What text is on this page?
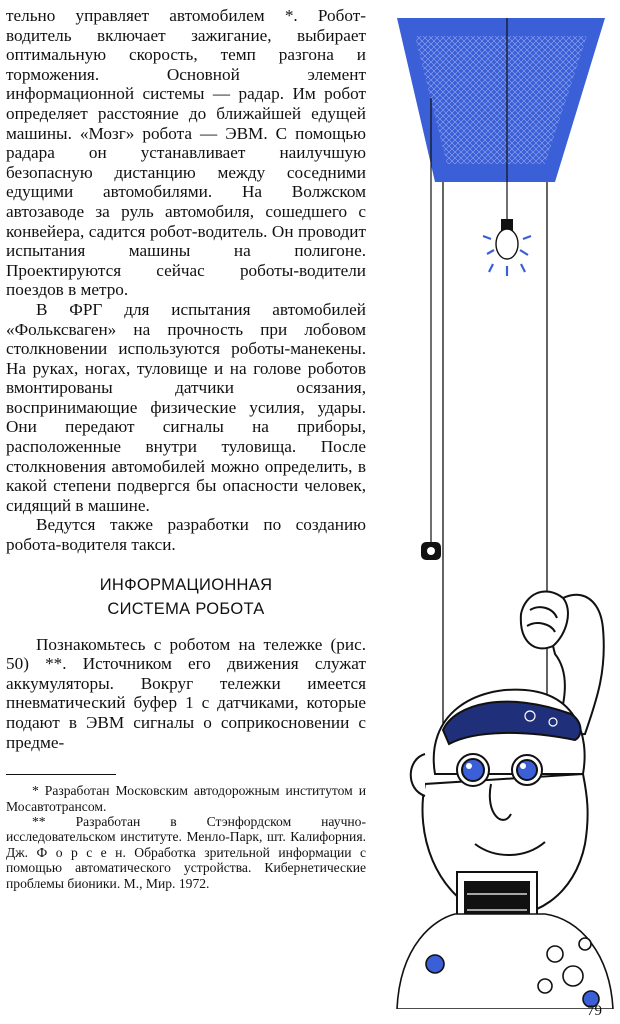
тельно управляет автомобилем *. Робот-водитель включает зажигание, выбирает оптимальную скорость, темп разгона и торможения. Основной элемент информационной системы — радар. Им робот определяет расстояние до ближайшей едущей машины. «Мозг» робота — ЭВМ. С помощью радара он устанавливает наилучшую безопасную дистанцию между соседними едущими автомобилями. На Волжском автозаводе за руль автомобиля, сошедшего с конвейера, садится робот-водитель. Он проводит испытания машины на полигоне. Проектируются сейчас роботы-водители поездов в метро.

В ФРГ для испытания автомобилей «Фольксваген» на прочность при лобовом столкновении используются роботы-манекены. На руках, ногах, туловище и на голове роботов вмонтированы датчики осязания, воспринимающие физические усилия, удары. Они передают сигналы на приборы, расположенные внутри туловища. После столкновения автомобилей можно определить, в какой степени подвергся бы опасности человек, сидящий в машине.

Ведутся также разработки по созданию робота-водителя такси.

ИНФОРМАЦИОННАЯ

СИСТЕМА РОБОТА

Познакомьтесь с роботом на тележке (рис. 50) **. Источником его движения служат аккумуляторы. Вокруг тележки имеется пневматический буфер 1 с датчиками, которые подают в ЭВМ сигналы о соприкосновении с предме-

* Разработан Московским автодорожным институтом и Мосавтотрансом.

** Разработан в Стэнфордском научно-исследовательском институте. Менло-Парк, шт. Калифорния. Дж. Ф о р с е н. Обработка зрительной информации с помощью автоматического устройства. Кибернетические проблемы бионики. М., Мир. 1972.

79
